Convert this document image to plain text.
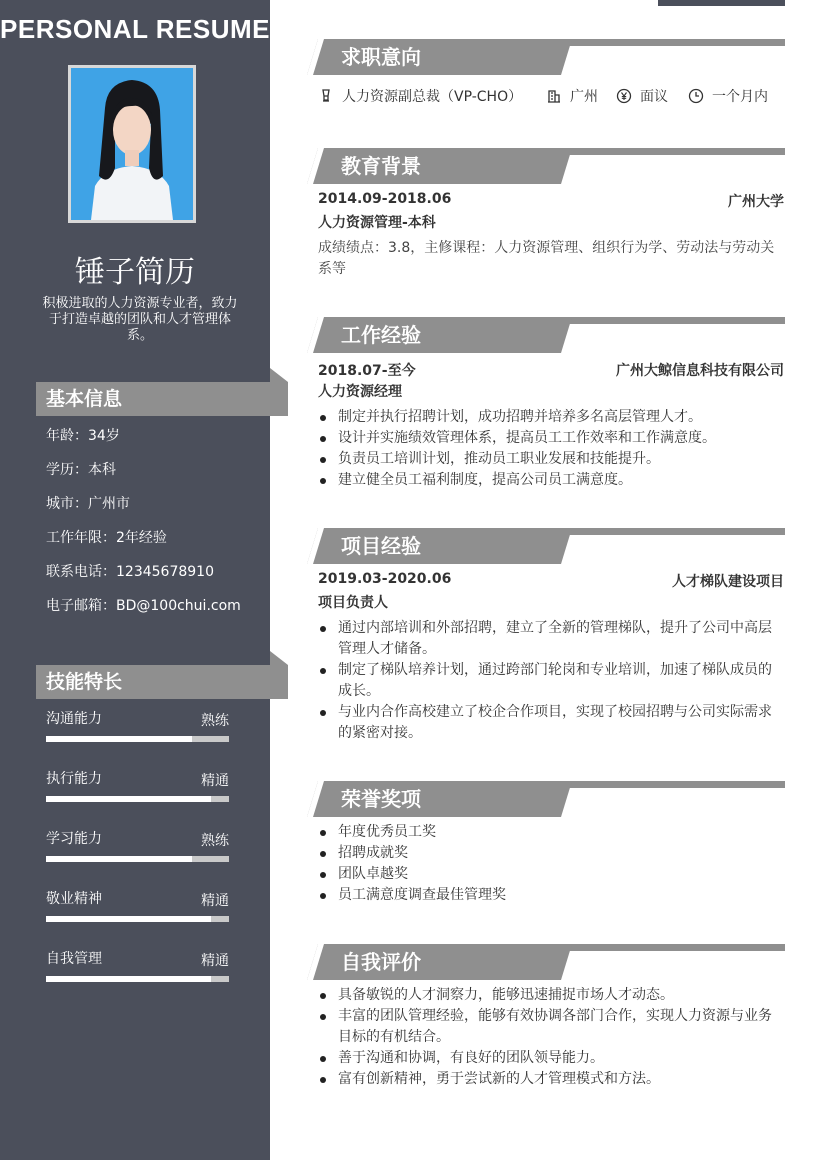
PERSONAL RESUME
锤子简历
积极进取的人力资源专业者，致力于打造卓越的团队和人才管理体系。
基本信息
年龄：34岁
学历：本科
城市：广州市
工作年限：2年经验
联系电话：12345678910
电子邮箱：BD@100chui.com
技能特长
沟通能力	熟练
执行能力	精通
学习能力	熟练
敬业精神	精通
自我管理	精通
求职意向
人力资源副总裁（VP-CHO）	广州	面议	一个月内
教育背景
2014.09-2018.06	广州大学
人力资源管理-本科
成绩绩点：3.8，主修课程：人力资源管理、组织行为学、劳动法与劳动关系等
工作经验
2018.07-至今	广州大鲸信息科技有限公司
人力资源经理
制定并执行招聘计划，成功招聘并培养多名高层管理人才。
设计并实施绩效管理体系，提高员工工作效率和工作满意度。
负责员工培训计划，推动员工职业发展和技能提升。
建立健全员工福利制度，提高公司员工满意度。
项目经验
2019.03-2020.06	人才梯队建设项目
项目负责人
通过内部培训和外部招聘，建立了全新的管理梯队，提升了公司中高层管理人才储备。
制定了梯队培养计划，通过跨部门轮岗和专业培训，加速了梯队成员的成长。
与业内合作高校建立了校企合作项目，实现了校园招聘与公司实际需求的紧密对接。
荣誉奖项
年度优秀员工奖
招聘成就奖
团队卓越奖
员工满意度调查最佳管理奖
自我评价
具备敏锐的人才洞察力，能够迅速捕捉市场人才动态。
丰富的团队管理经验，能够有效协调各部门合作，实现人力资源与业务目标的有机结合。
善于沟通和协调，有良好的团队领导能力。
富有创新精神，勇于尝试新的人才管理模式和方法。
